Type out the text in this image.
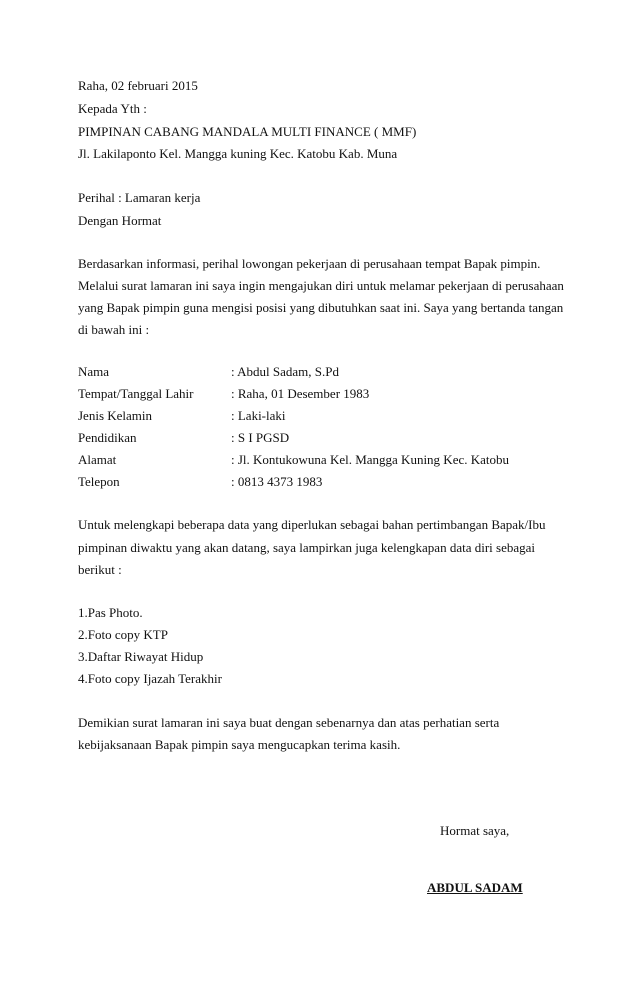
Raha, 02 februari 2015
Kepada Yth :
PIMPINAN CABANG MANDALA MULTI FINANCE ( MMF)
Jl. Lakilaponto Kel. Mangga kuning Kec. Katobu Kab. Muna
Perihal : Lamaran kerja
Dengan Hormat
Berdasarkan informasi, perihal lowongan pekerjaan di perusahaan tempat Bapak pimpin.
Melalui surat lamaran ini saya ingin mengajukan diri untuk melamar pekerjaan di perusahaan
yang Bapak pimpin guna mengisi posisi yang dibutuhkan saat ini. Saya yang bertanda tangan
di bawah ini :
Nama	: Abdul Sadam, S.Pd
Tempat/Tanggal Lahir	: Raha, 01 Desember 1983
Jenis Kelamin	: Laki-laki
Pendidikan	: S I PGSD
Alamat	: Jl. Kontukowuna Kel. Mangga Kuning Kec. Katobu
Telepon	: 0813 4373 1983
Untuk melengkapi beberapa data yang diperlukan sebagai bahan pertimbangan Bapak/Ibu
pimpinan diwaktu yang akan datang, saya lampirkan juga kelengkapan data diri sebagai
berikut :
1.Pas Photo.
2.Foto copy KTP
3.Daftar Riwayat Hidup
4.Foto copy Ijazah Terakhir
Demikian surat lamaran ini saya buat dengan sebenarnya dan atas perhatian serta
kebijaksanaan Bapak pimpin saya mengucapkan terima kasih.
Hormat saya,
ABDUL SADAM
